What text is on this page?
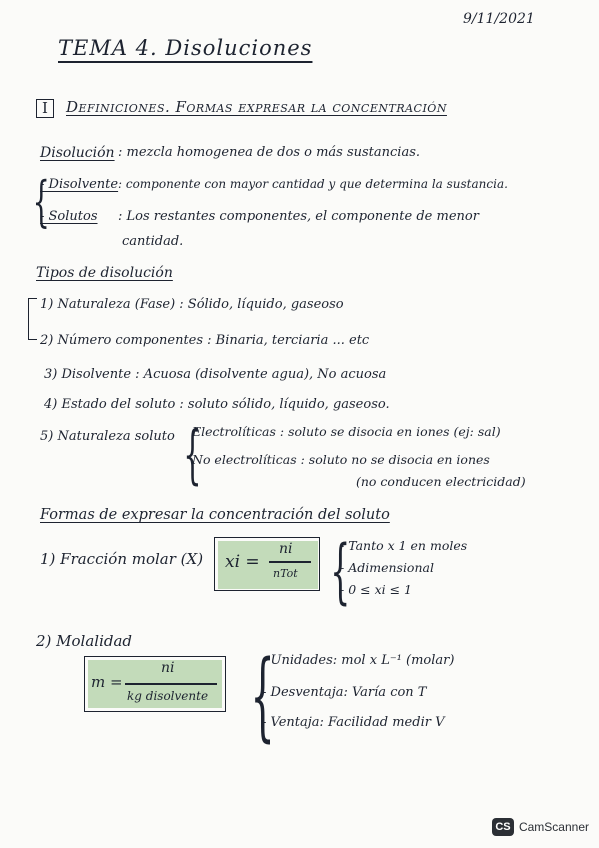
9/11/2021
TEMA 4. Disoluciones
I	Definiciones. Formas expresar la concentración
Disolución : mezcla homogenea de dos o más sustancias.
{
- Disolvente : componente con mayor cantidad y que determina la sustancia.
- Solutos : Los restantes componentes, el componente de menor
cantidad.
Tipos de disolución
1) Naturaleza (Fase) : Sólido, líquido, gaseoso
2) Número componentes : Binaria, terciaria ... etc
3) Disolvente : Acuosa (disolvente agua), No acuosa
4) Estado del soluto : soluto sólido, líquido, gaseoso.
5) Naturaleza soluto {
Electrolíticas : soluto se disocia en iones (ej: sal)
No electrolíticas : soluto no se disocia en iones
(no conducen electricidad)
Formas de expresar la concentración del soluto
1) Fracción molar (X) xi =
ni
nTot {
- Tanto x 1 en moles
- Adimensional
- 0 ≤ xi ≤ 1
2) Molalidad
m =
ni
kg disolvente {
- Unidades: mol x L⁻¹ (molar)
- Desventaja: Varía con T
- Ventaja: Facilidad medir V
CS CamScanner
